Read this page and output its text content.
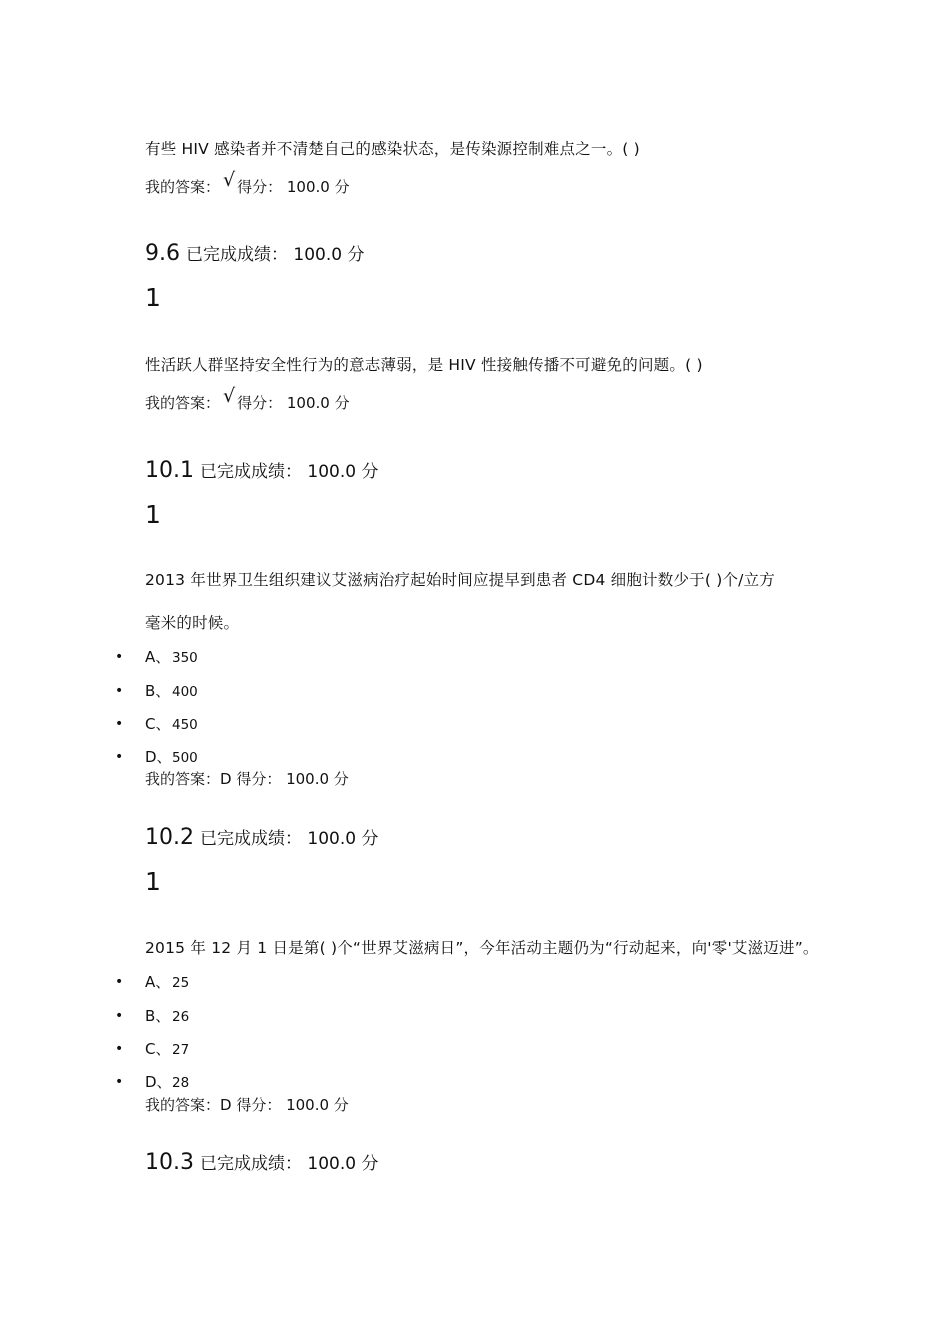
有些 HIV 感染者并不清楚自己的感染状态，是传染源控制难点之一。( )
我的答案： √ 得分： 100.0 分
9.6 已完成成绩： 100.0 分
1
性活跃人群坚持安全性行为的意志薄弱，是 HIV 性接触传播不可避免的问题。( )
我的答案： √ 得分： 100.0 分
10.1 已完成成绩： 100.0 分
1
2013 年世界卫生组织建议艾滋病治疗起始时间应提早到患者 CD4 细胞计数少于( )个/立方
毫米的时候。
• A、 350
• B、 400
• C、 450
• D、 500
我的答案：D 得分： 100.0 分
10.2 已完成成绩： 100.0 分
1
2015 年 12 月 1 日是第( )个“世界艾滋病日”，今年活动主题仍为“行动起来，向'零'艾滋迈进”。
• A、 25
• B、 26
• C、 27
• D、 28
我的答案：D 得分： 100.0 分
10.3 已完成成绩： 100.0 分
